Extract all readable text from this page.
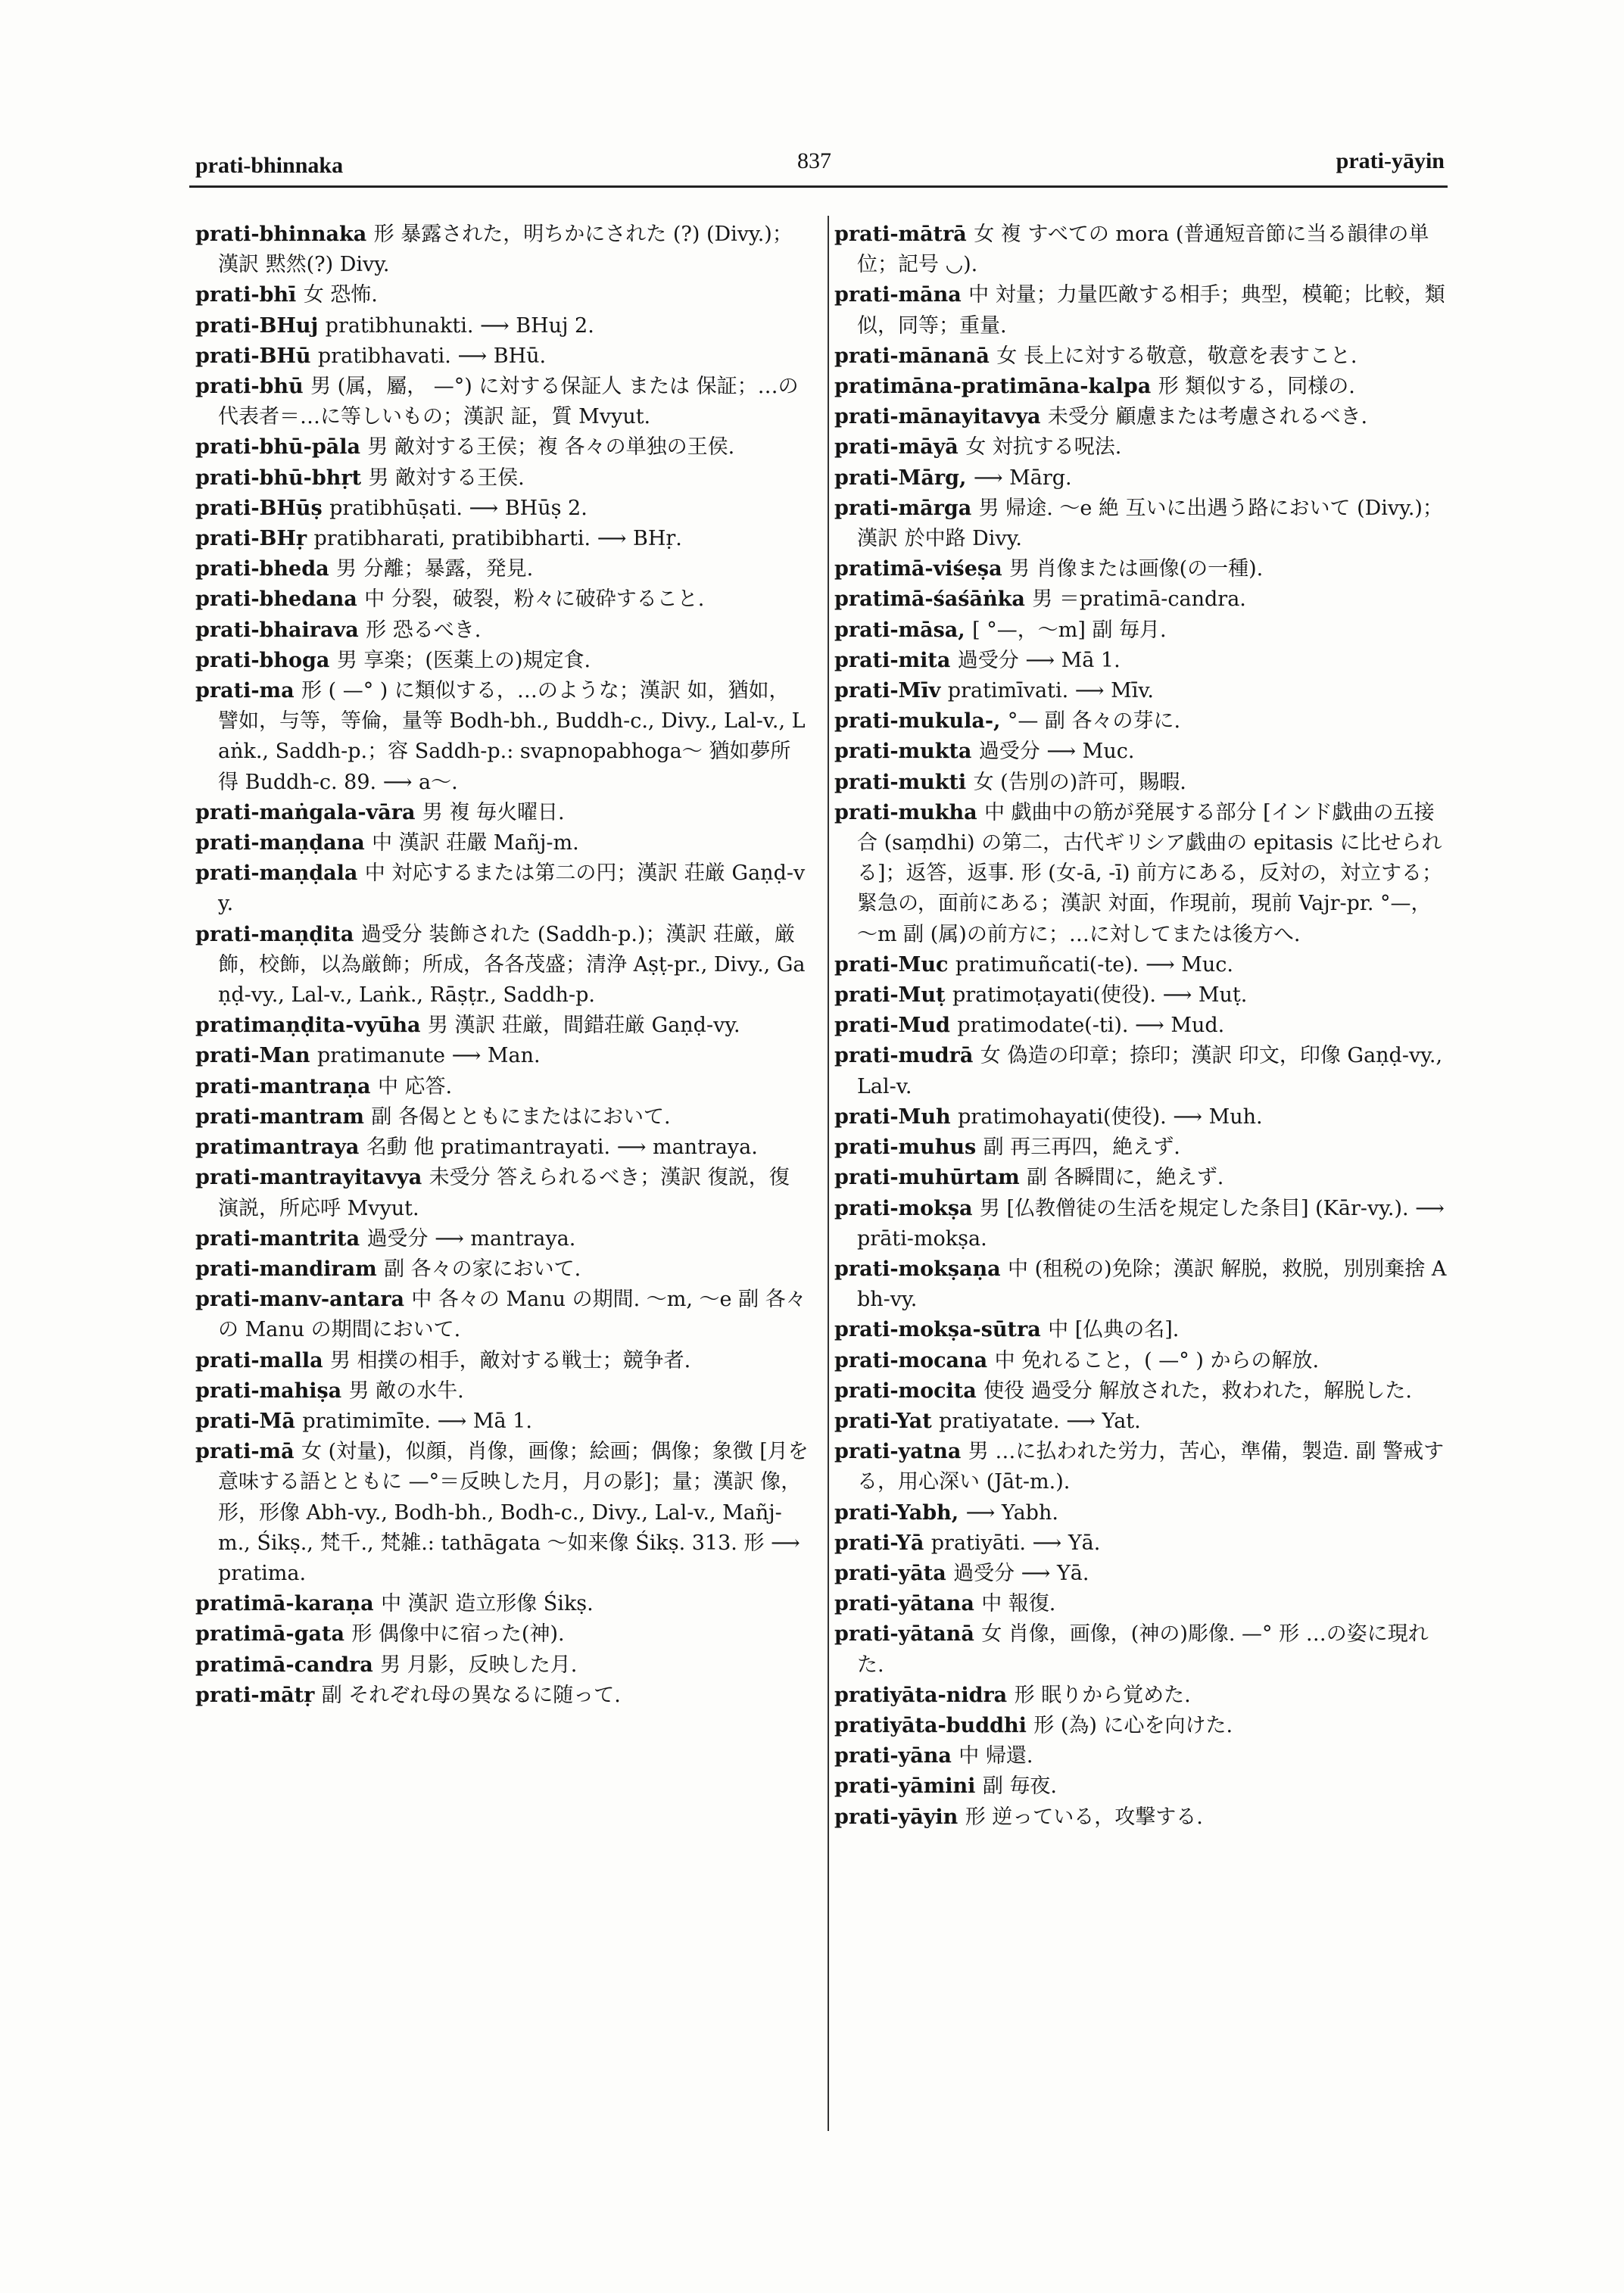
prati-bhinnaka	837	prati-yāyin

prati-bhinnaka 形 暴露された，明ちかにされた (?) (Divy.)；漢訳 黙然(?) Divy.

prati-bhī 女 恐怖.

prati-BHuj pratibhunakti. ⟶ BHuj 2.

prati-BHū pratibhavati. ⟶ BHū.

prati-bhū 男 (属，屬， —°) に対する保証人 または 保証；…の代表者＝…に等しいもの；漢訳 証，質 Mvyut.

prati-bhū-pāla 男 敵対する王侯；複 各々の単独の王侯.

prati-bhū-bhṛt 男 敵対する王侯.

prati-BHūṣ pratibhūṣati. ⟶ BHūṣ 2.

prati-BHṛ pratibharati, pratibibharti. ⟶ BHṛ.

prati-bheda 男 分離；暴露，発見.

prati-bhedana 中 分裂，破裂，粉々に破砕すること.

prati-bhairava 形 恐るべき.

prati-bhoga 男 享楽；(医薬上の)規定食.

prati-ma 形 ( —° ) に類似する，…のような；漢訳 如，猶如，譬如，与等，等倫，量等 Bodh-bh., Buddh-c., Divy., Lal-v., Laṅk., Saddh-p.；容 Saddh-p.: svapnopabhoga～ 猶如夢所得 Buddh-c. 89. ⟶ a～.

prati-maṅgala-vāra 男 複 毎火曜日.

prati-maṇḍana 中 漢訳 荘嚴 Mañj-m.

prati-maṇḍala 中 対応するまたは第二の円；漢訳 荘厳 Gaṇḍ-vy.

prati-maṇḍita 過受分 装飾された (Saddh-p.)；漢訳 荘厳，厳飾，校飾，以為厳飾；所成，各各茂盛；清浄 Aṣṭ-pr., Divy., Gaṇḍ-vy., Lal-v., Laṅk., Rāṣṭr., Saddh-p.

pratimaṇḍita-vyūha 男 漢訳 荘厳，間錯荘厳 Gaṇḍ-vy.

prati-Man pratimanute ⟶ Man.

prati-mantraṇa 中 応答.

prati-mantram 副 各偈とともにまたはにおいて.

pratimantraya 名動 他 pratimantrayati. ⟶ mantraya.

prati-mantrayitavya 未受分 答えられるべき；漢訳 復説，復演説，所応呼 Mvyut.

prati-mantrita 過受分 ⟶ mantraya.

prati-mandiram 副 各々の家において.

prati-manv-antara 中 各々の Manu の期間. ～m, ～e 副 各々の Manu の期間において.

prati-malla 男 相撲の相手，敵対する戦士；競争者.

prati-mahiṣa 男 敵の水牛.

prati-Mā pratimimīte. ⟶ Mā 1.

prati-mā 女 (対量)，似顔，肖像，画像；絵画；偶像；象徴 [月を意味する語とともに —°＝反映した月，月の影]；量；漢訳 像，形，形像 Abh-vy., Bodh-bh., Bodh-c., Divy., Lal-v., Mañj-m., Śikṣ., 梵千., 梵雑.: tathāgata ～如来像 Śikṣ. 313. 形 ⟶ pratima.

pratimā-karaṇa 中 漢訳 造立形像 Śikṣ.

pratimā-gata 形 偶像中に宿った(神).

pratimā-candra 男 月影，反映した月.

prati-mātṛ 副 それぞれ母の異なるに随って.

prati-mātrā 女 複 すべての mora (普通短音節に当る韻律の単位；記号 ◡).

prati-māna 中 対量；力量匹敵する相手；典型，模範；比較，類似，同等；重量.

prati-mānanā 女 長上に対する敬意，敬意を表すこと.

pratimāna-pratimāna-kalpa 形 類似する，同様の.

prati-mānayitavya 未受分 顧慮または考慮されるべき.

prati-māyā 女 対抗する呪法.

prati-Mārg, ⟶ Mārg.

prati-mārga 男 帰途. ～e 絶 互いに出遇う路において (Divy.)；漢訳 於中路 Divy.

pratimā-viśeṣa 男 肖像または画像(の一種).

pratimā-śaśāṅka 男 ＝pratimā-candra.

prati-māsa, [ °—，～m] 副 毎月.

prati-mita 過受分 ⟶ Mā 1.

prati-Mīv pratimīvati. ⟶ Mīv.

prati-mukula-, °— 副 各々の芽に.

prati-mukta 過受分 ⟶ Muc.

prati-mukti 女 (告別の)許可，賜暇.

prati-mukha 中 戯曲中の筋が発展する部分 [インド戯曲の五接合 (saṃdhi) の第二，古代ギリシア戯曲の epitasis に比せられる]；返答，返事. 形 (女-ā, -ī) 前方にある，反対の，対立する；緊急の，面前にある；漢訳 対面，作現前，現前 Vajr-pr. °—，～m 副 (属)の前方に；…に対してまたは後方へ.

prati-Muc pratimuñcati(-te). ⟶ Muc.

prati-Muṭ pratimoṭayati(使役). ⟶ Muṭ.

prati-Mud pratimodate(-ti). ⟶ Mud.

prati-mudrā 女 偽造の印章；捺印；漢訳 印文，印像 Gaṇḍ-vy., Lal-v.

prati-Muh pratimohayati(使役). ⟶ Muh.

prati-muhus 副 再三再四，絶えず.

prati-muhūrtam 副 各瞬間に，絶えず.

prati-mokṣa 男 [仏教僧徒の生活を規定した条目] (Kār-vy.). ⟶ prāti-mokṣa.

prati-mokṣaṇa 中 (租税の)免除；漢訳 解脱，救脱，別別棄捨 Abh-vy.

prati-mokṣa-sūtra 中 [仏典の名].

prati-mocana 中 免れること，( —° ) からの解放.

prati-mocita 使役 過受分 解放された，救われた，解脱した.

prati-Yat pratiyatate. ⟶ Yat.

prati-yatna 男 …に払われた労力，苦心，準備，製造. 副 警戒する，用心深い (Jāt-m.).

prati-Yabh, ⟶ Yabh.

prati-Yā pratiyāti. ⟶ Yā.

prati-yāta 過受分 ⟶ Yā.

prati-yātana 中 報復.

prati-yātanā 女 肖像，画像，(神の)彫像. —° 形 …の姿に現れた.

pratiyāta-nidra 形 眠りから覚めた.

pratiyāta-buddhi 形 (為) に心を向けた.

prati-yāna 中 帰還.

prati-yāmini 副 毎夜.

prati-yāyin 形 逆っている，攻撃する.
